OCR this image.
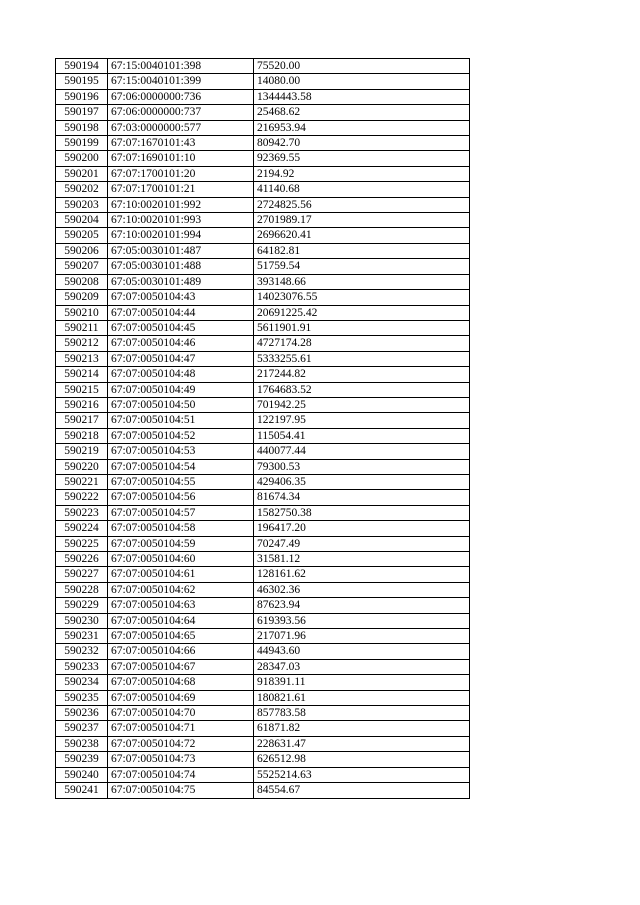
590194	67:15:0040101:398	75520.00
590195	67:15:0040101:399	14080.00
590196	67:06:0000000:736	1344443.58
590197	67:06:0000000:737	25468.62
590198	67:03:0000000:577	216953.94
590199	67:07:1670101:43	80942.70
590200	67:07:1690101:10	92369.55
590201	67:07:1700101:20	2194.92
590202	67:07:1700101:21	41140.68
590203	67:10:0020101:992	2724825.56
590204	67:10:0020101:993	2701989.17
590205	67:10:0020101:994	2696620.41
590206	67:05:0030101:487	64182.81
590207	67:05:0030101:488	51759.54
590208	67:05:0030101:489	393148.66
590209	67:07:0050104:43	14023076.55
590210	67:07:0050104:44	20691225.42
590211	67:07:0050104:45	5611901.91
590212	67:07:0050104:46	4727174.28
590213	67:07:0050104:47	5333255.61
590214	67:07:0050104:48	217244.82
590215	67:07:0050104:49	1764683.52
590216	67:07:0050104:50	701942.25
590217	67:07:0050104:51	122197.95
590218	67:07:0050104:52	115054.41
590219	67:07:0050104:53	440077.44
590220	67:07:0050104:54	79300.53
590221	67:07:0050104:55	429406.35
590222	67:07:0050104:56	81674.34
590223	67:07:0050104:57	1582750.38
590224	67:07:0050104:58	196417.20
590225	67:07:0050104:59	70247.49
590226	67:07:0050104:60	31581.12
590227	67:07:0050104:61	128161.62
590228	67:07:0050104:62	46302.36
590229	67:07:0050104:63	87623.94
590230	67:07:0050104:64	619393.56
590231	67:07:0050104:65	217071.96
590232	67:07:0050104:66	44943.60
590233	67:07:0050104:67	28347.03
590234	67:07:0050104:68	918391.11
590235	67:07:0050104:69	180821.61
590236	67:07:0050104:70	857783.58
590237	67:07:0050104:71	61871.82
590238	67:07:0050104:72	228631.47
590239	67:07:0050104:73	626512.98
590240	67:07:0050104:74	5525214.63
590241	67:07:0050104:75	84554.67
